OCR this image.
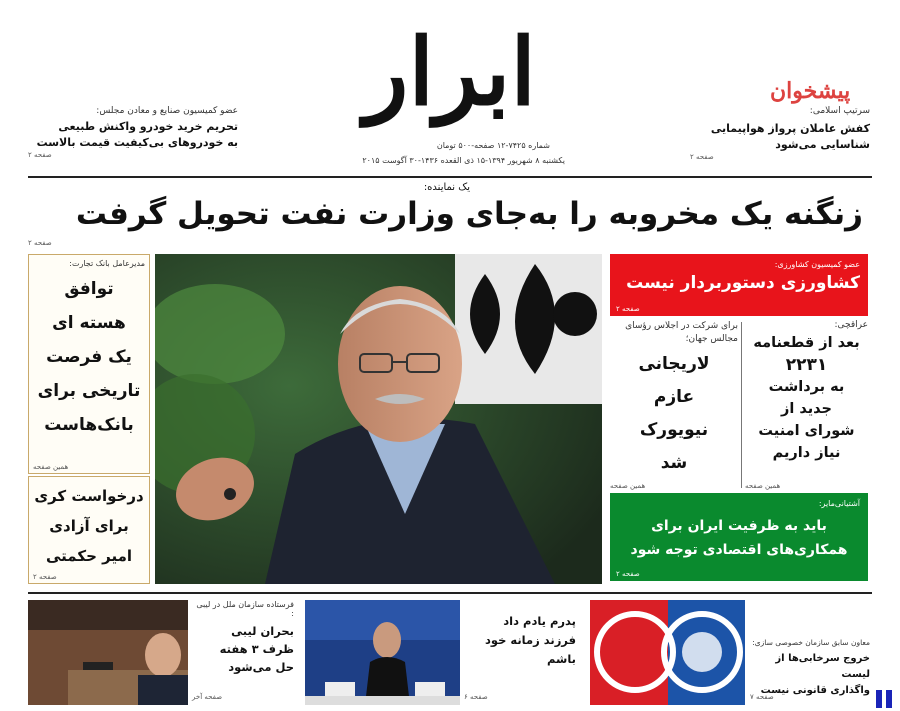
ابرار
شماره ۷۴۲۵-۱۲ صفحه-۵۰۰ تومان
یکشنبه ۸ شهریور ۱۳۹۴-۱۵ ذی القعده ۱۴۳۶-۳۰ آگوست ۲۰۱۵
عضو کمیسیون صنایع و معادن مجلس:
تحریم خرید خودرو واکنش طبیعی
به خودروهای بی‌کیفیت قیمت بالاست
صفحه ۲
پیشخوان
سرتیپ اسلامی:
کفش عاملان پرواز هواپیمایی
شناسایی می‌شود
صفحه ۲
یک نماینده:
زنگنه یک مخروبه را به‌جای وزارت نفت تحویل گرفت
صفحه ۲
مدیرعامل بانک تجارت:
توافق
هسته ای
یک فرصت
تاریخی برای
بانک‌هاست
همین صفحه
درخواست کری
برای آزادی
امیر حکمتی
صفحه ۲
عضو کمیسیون کشاورزی:
کشاورزی دستوربردار نیست
صفحه ۲
برای شرکت در اجلاس رؤسای مجالس جهان؛
لاریجانی
عازم
نیویورک
شد
همین صفحه
عراقچی:
بعد از قطعنامه
۲۲۳۱
به برداشت
جدید از
شورای امنیت
نیاز داریم
همین صفحه
آشتیانی‌مایر:
باید به ظرفیت ایران برای
همکاری‌های اقتصادی توجه شود
صفحه ۲
فرستاده سازمان ملل در لیبی :
بحران لیبی
ظرف ۳ هفته
حل می‌شود
صفحه آخر
پدرم یادم داد
فرزند زمانه خود
باشم
صفحه ۶
معاون سابق سازمان خصوصی سازی:
خروج سرخابی‌ها از لیست
واگذاری قانونی نیست
صفحه ۷
